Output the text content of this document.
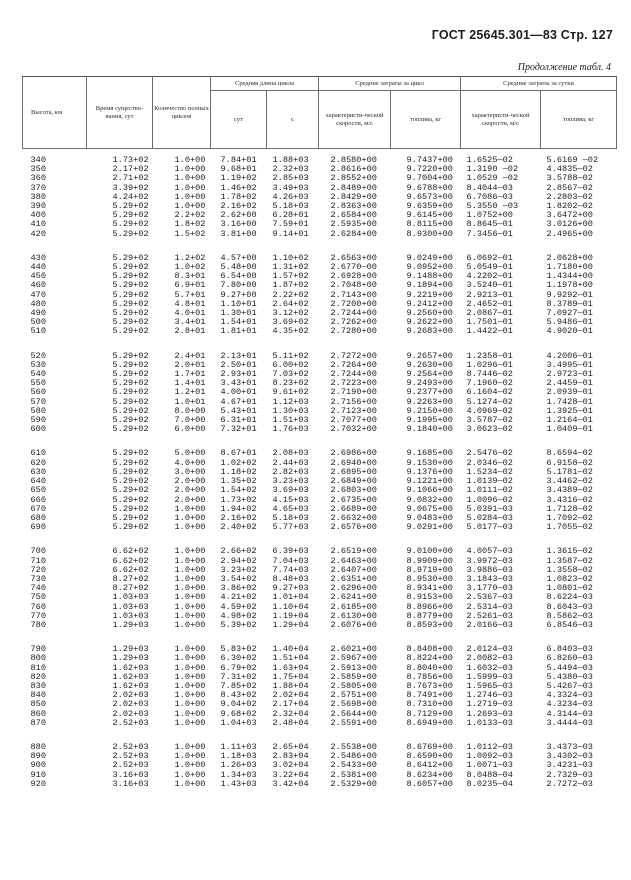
ГОСТ 25645.301—83 Стр. 127
Продолжение табл. 4
Высота, км	Время существо-вания, сут	Количество полных циклов	Средняя длина цикла		Средние затраты за цикл		Средние затраты за сутки	
			сут	с	характеристи-ческой скорости, м/с	топлива, кг	характеристи-ческой скорости, м/с	топлива, кг

340	1.73+02	1.0+00	7.84+01	1.88+03	2.8580+00	9.7437+00	1.6525—02	5.6169 —02
350	2.17+02	1.0+00	9.68+01	2.32+03	2.8616+00	9.7220+00	1.3190 —02	4.4835—02
360	2.71+02	1.0+00	1.19+02	2.85+03	2.8552+00	9.7004+00	1.0529 —02	3.5788—02
370	3.39+02	1.0+00	1.46+02	3.49+03	2.8489+00	9.6788+00	8.4044—03	2.8567—02
380	4.24+02	1.0+00	1.78+02	4.26+03	2.8429+00	9.6573+00	6.7086—03	2.2803—02
390	5.29+02	1.0+00	2.16+02	5.18+03	2.8363+00	9.6359+00	5.3550 —03	1.8202—02
400	5.29+02	2.2+02	2.62+00	6.28+01	2.6584+00	9.6145+00	1.0752+00	3.6472+00
410	5.29+02	1.8+02	3.16+00	7.59+01	2.5935+00	8.8115+00	8.8645—01	3.0126+00
420	5.29+02	1.5+02	3.81+00	9.14+01	2.6284+00	8.9300+00	7.3456—01	2.4965+00

430	5.29+02	1.2+02	4.57+00	1.10+02	2.6563+00	9.0249+00	6.0692—01	2.0628+00
440	5.29+02	1.0+02	5.48+00	1.31+02	2.6770—00	9.0952+00	5.0549—01	1.7180+00
450	5.29+02	8.3+01	6.54+00	1.57+02	2.6928+00	9.1488+00	4.2202—01	1.4344+00
460	5.29+02	6.9+01	7.80+00	1.87+02	2.7048+00	9.1894+00	3.5240—01	1.1978+00
470	5.29+02	5.7+01	9.27+00	2.22+02	2.7143+00	9.2219+00	2.9213—01	9.9292—01
480	5.29+02	4.8+01	1.10+01	2.64+02	2.7200+00	9.2412+00	2.4652—01	8.3789—01
490	5.29+02	4.0+01	1.30+01	3.12+02	2.7244+00	9.2560+00	2.0867—01	7.0927—01
500	5.29+02	3.4+01	1.54+01	3.69+02	2.7262+00	9.2622+00	1.7501—01	5.9486—01
510	5.29+02	2.8+01	1.81+01	4.35+02	2.7280+00	9.2683+00	1.4422—01	4.9020—01

520	5.29+02	2.4+01	2.13+01	5.11+02	2.7272+00	9.2657+00	1.2358—01	4.2006—01
530	5.29+02	2.0+01	2.50+01	6.00+02	2.7264+00	9.2630+00	1.0296—01	3.4995—01
540	5.29+02	1.7+01	2.93+01	7.03+02	2.7244+00	9.2564+00	8.7446—02	2.9723—01
550	5.29+02	1.4+01	3.43+01	8.23+02	2.7223+00	9.2493+00	7.1960—02	2.4459—01
560	5.29+02	1.2+01	4.00+01	9.61+02	2.7190+00	9.2377+00	6.1604—02	2.0939—01
570	5.29+02	1.0+01	4.67+01	1.12+03	2.7156+00	9.2263+00	5.1274—02	1.7428—01
580	5.29+02	8.0+00	5.43+01	1.30+03	2.7123+00	9.2150+00	4.0969—02	1.3925—01
590	5.29+02	7.0+00	6.31+01	1.51+03	2.7077+00	9.1995+00	3.5787—02	1.2164—01
600	5.29+02	6.0+00	7.32+01	1.76+03	2.7032+00	9.1840+00	3.0623—02	1.0409—01

610	5.29+02	5.0+00	8.67+01	2.08+03	2.6986+00	9.1685+00	2.5476—02	8.6594—02
620	5.29+02	4.0+00	1.02+02	2.44+03	2.6940+00	9.1530+00	2.0346—02	6.9158—02
630	5.29+02	3.0+00	1.18+02	2.82+03	2.6895+00	9.1376+00	1.5234—02	5.1781—02
640	5.29+02	2.0+00	1.35+02	3.23+03	2.6849+00	9.1221+00	1.0139—02	3.4462—02
650	5.29+02	2.0+00	1.54+02	3.69+03	2.6803+00	9.1066+00	1.0111—02	3.4389—02
660	5.29+02	2.0+00	1.73+02	4.15+03	2.6735+00	9.0832+00	1.0096—02	3.4316—02
670	5.29+02	1.0+00	1.94+02	4.65+03	2.6689+00	9.0675+00	5.0391—03	1.7128—02
680	5.29+02	1.0+00	2.16+02	5.18+03	2.6632+00	9.0483+00	5.0284—03	1.7092—02
690	5.29+02	1.0+00	2.40+02	5.77+03	2.6576+00	9.0291+00	5.0177—03	1.7055—02

700	6.62+02	1.0+00	2.66+02	6.39+03	2.6519+00	9.0100+00	4.0057—03	1.3615—02
710	6.62+02	1.0+00	2.94+02	7.04+03	2.6463+00	8.9909+00	3.9972—03	1.3587—02
720	6.62+02	1.0+00	3.23+02	7.74+03	2.6407+00	8.9719+00	3.9886—03	1.3558—02
730	8.27+02	1.0+00	3.54+02	8.48+03	2.6351+00	8.9530+00	3.1843—03	1.0823—02
740	8.27+02	1.0+00	3.86+02	9.27+03	2.6296+00	8.9341+00	3.1770—03	1.0801—02
750	1.03+03	1.0+00	4.21+02	1.01+04	2.6241+00	8.9153+00	2.5367—03	8.6224—03
760	1.03+03	1.0+00	4.59+02	1.10+04	2.6185+00	8.8966+00	2.5314—03	8.6043—03
770	1.03+03	1.0+00	4.98+02	1.19+04	2.6130+00	8.8779+00	2.5261—03	8.5862—03
780	1.29+03	1.0+00	5.39+02	1.29+04	2.6076+00	8.8593+00	2.0166—03	6.8546—03

790	1.29+03	1.0+00	5.83+02	1.40+04	2.6021+00	8.8408+00	2.0124—03	6.8403—03
800	1.29+03	1.0+00	6.30+02	1.51+04	2.5967+00	8.8224+00	2.0082—03	6.8260—03
810	1.62+03	1.0+00	6.79+02	1.63+04	2.5913+00	8.8040+00	1.6032—03	5.4494—03
820	1.62+03	1.0+00	7.31+02	1.75+04	2.5859+00	8.7856+00	1.5999—03	5.4380—03
830	1.62+03	1.0+00	7.85+02	1.88+04	2.5805+00	8.7673+00	1.5965—03	5.4267—03
840	2.02+03	1.0+00	8.43+02	2.02+04	2.5751+00	8.7491+00	1.2746—03	4.3324—03
850	2.02+03	1.0+00	9.04+02	2.17+04	2.5698+00	8.7310+00	1.2719—03	4.3234—03
860	2.02+03	1.0+00	9.68+02	2.32+04	2.5644+00	8.7129+00	1.2693—03	4.3144—03
870	2.52+03	1.0+00	1.04+03	2.48+04	2.5591+00	8.6949+00	1.0133—03	3.4444—03

880	2.52+03	1.0+00	1.11+03	2.65+04	2.5538+00	8.6769+00	1.0112—03	3.4373—03
890	2.52+03	1.0+00	1.18+03	2.83+04	2.5486+00	8.6590+00	1.0092—03	3.4302—03
900	2.52+03	1.0+00	1.26+03	3.02+04	2.5433+00	8.6412+00	1.0071—03	3.4231—03
910	3.16+03	1.0+00	1.34+03	3.22+04	2.5381+00	8.6234+00	8.0488—04	2.7329—03
920	3.16+03	1.0+00	1.43+03	3.42+04	2.5329+00	8.6057+00	8.0235—04	2.7272—03
